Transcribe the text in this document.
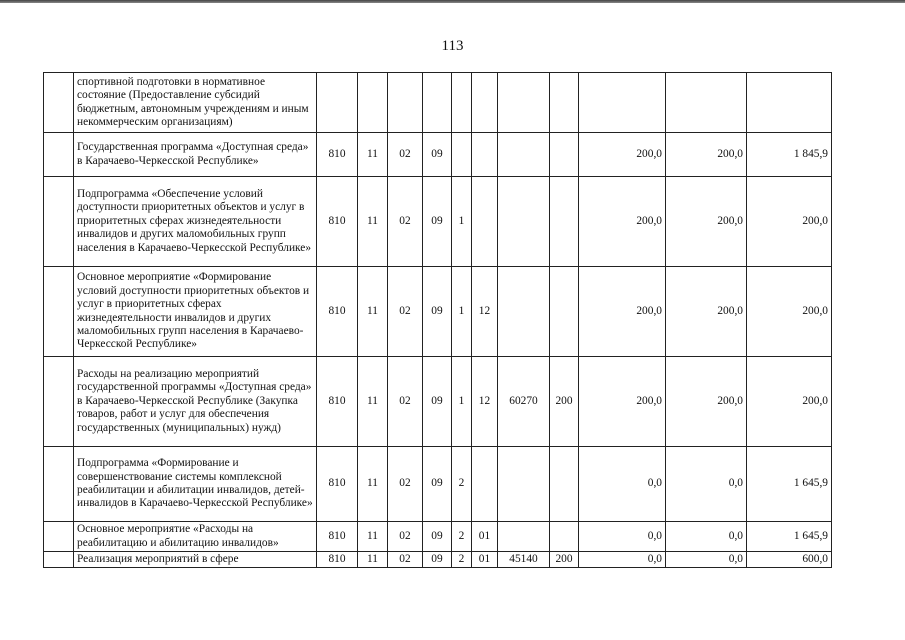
113
	спортивной подготовки в нормативное состояние (Предоставление субсидий бюджетным, автономным учреждениям и иным некоммерческим организациям)											
	Государственная программа «Доступная среда» в Карачаево-Черкесской Республике»	810	11	02	09					200,0	200,0	1 845,9
	Подпрограмма «Обеспечение условий доступности приоритетных объектов и услуг в приоритетных сферах жизнедеятельности инвалидов и других маломобильных групп населения в Карачаево-Черкесской Республике»	810	11	02	09	1				200,0	200,0	200,0
	Основное мероприятие «Формирование условий доступности приоритетных объектов и услуг в приоритетных сферах жизнедеятельности инвалидов и других маломобильных групп населения в Карачаево-Черкесской Республике»	810	11	02	09	1	12			200,0	200,0	200,0
	Расходы на реализацию мероприятий государственной программы «Доступная среда» в Карачаево-Черкесской Республике (Закупка товаров, работ и услуг для обеспечения государственных (муниципальных) нужд)	810	11	02	09	1	12	60270	200	200,0	200,0	200,0
	Подпрограмма «Формирование и совершенствование системы комплексной реабилитации и абилитации инвалидов, детей-инвалидов в Карачаево-Черкесской Республике»	810	11	02	09	2				0,0	0,0	1 645,9
	Основное мероприятие «Расходы на реабилитацию и абилитацию инвалидов»	810	11	02	09	2	01			0,0	0,0	1 645,9
	Реализация мероприятий в сфере	810	11	02	09	2	01	45140	200	0,0	0,0	600,0
